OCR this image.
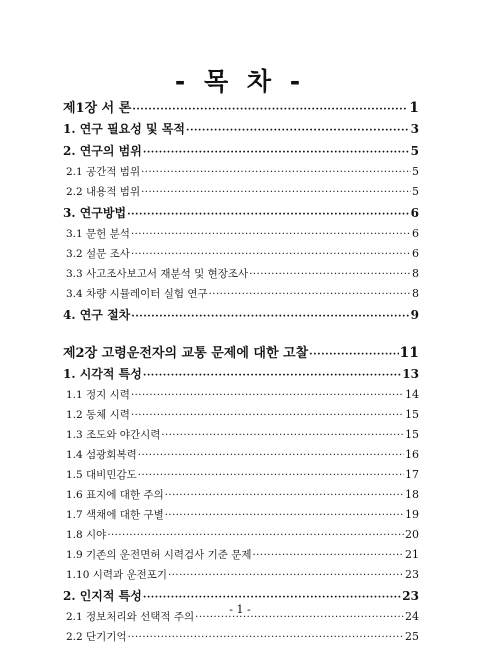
- 목 차 -
제1장 서 론 ·····	1
1. 연구 필요성 및 목적 ·····	3
2. 연구의 범위 ·····	5
2.1 공간적 범위 ·····	5
2.2 내용적 범위 ·····	5
3. 연구방법 ·····	6
3.1 문헌 분석 ·····	6
3.2 설문 조사 ·····	6
3.3 사고조사보고서 재분석 및 현장조사 ·····	8
3.4 차량 시뮬레이터 실험 연구 ·····	8
4. 연구 절차 ·····	9
제2장 고령운전자의 교통 문제에 대한 고찰 ·····	11
1. 시각적 특성 ·····	13
1.1 정지 시력 ·····	14
1.2 동체 시력 ·····	15
1.3 조도와 야간시력 ·····	15
1.4 섬광회복력 ·····	16
1.5 대비민감도 ·····	17
1.6 표지에 대한 주의 ·····	18
1.7 색채에 대한 구별 ·····	19
1.8 시야 ·····	20
1.9 기존의 운전면허 시력검사 기준 문제 ·····	21
1.10 시력과 운전포기 ·····	23
2. 인지적 특성 ·····	23
2.1 정보처리와 선택적 주의 ·····	24
2.2 단기기억 ·····	25
- 1 -
